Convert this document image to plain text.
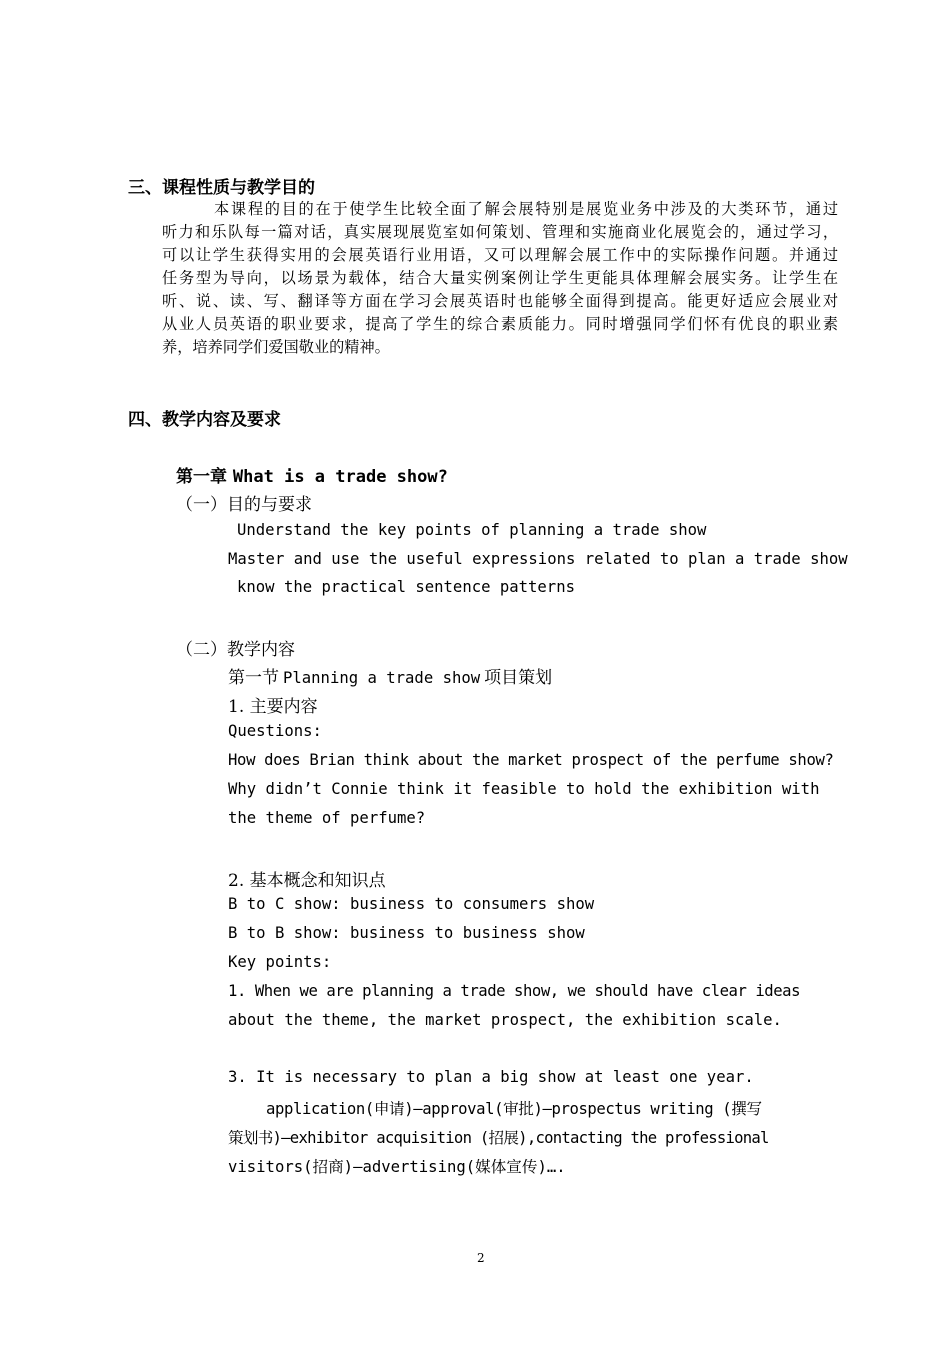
三、课程性质与教学目的
本课程的目的在于使学生比较全面了解会展特别是展览业务中涉及的大类环节，通过
听力和乐队每一篇对话，真实展现展览室如何策划、管理和实施商业化展览会的，通过学习，
可以让学生获得实用的会展英语行业用语，又可以理解会展工作中的实际操作问题。并通过
任务型为导向，以场景为载体，结合大量实例案例让学生更能具体理解会展实务。让学生在
听、说、读、写、翻译等方面在学习会展英语时也能够全面得到提高。能更好适应会展业对
从业人员英语的职业要求，提高了学生的综合素质能力。同时增强同学们怀有优良的职业素
养，培养同学们爱国敬业的精神。
四、教学内容及要求
第一章 What is a trade show?
（一）目的与要求
Understand the key points of planning a trade show
Master and use the useful expressions related to plan a trade show
know the practical sentence patterns
（二）教学内容
第一节 Planning a trade show 项目策划
1. 主要内容
Questions:
How does Brian think about the market prospect of the perfume show?
Why didn’t Connie think it feasible to hold the exhibition with
the theme of perfume?
2. 基本概念和知识点
B to C show: business to consumers show
B to B show: business to business show
Key points:
1. When we are planning a trade show, we should have clear ideas
about the theme, the market prospect, the exhibition scale.
3. It is necessary to plan a big show at least one year.
application(申请)—approval(审批)—prospectus writing (撰写
策划书)—exhibitor acquisition (招展),contacting the professional
visitors(招商)—advertising(媒体宣传)….
2
